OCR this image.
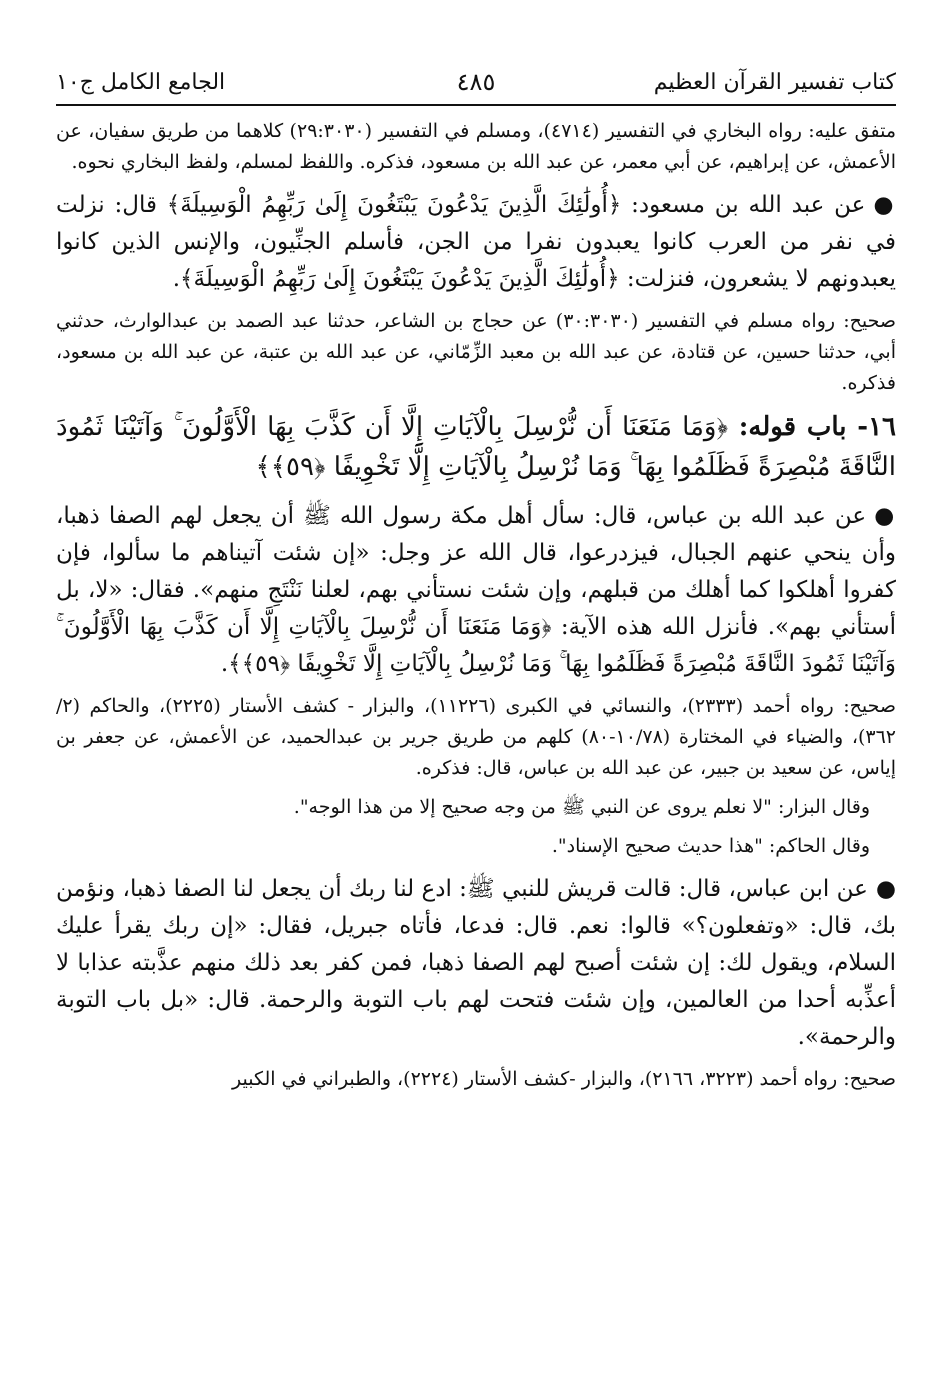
كتاب تفسير القرآن العظيم
٤٨٥
الجامع الكامل ج١٠

متفق عليه: رواه البخاري في التفسير (٤٧١٤)، ومسلم في التفسير (٢٩:٣٠٣٠) كلاهما من طريق سفيان، عن الأعمش، عن إبراهيم، عن أبي معمر، عن عبد الله بن مسعود، فذكره. واللفظ لمسلم، ولفظ البخاري نحوه.

●عن عبد الله بن مسعود: ﴿أُولَٰئِكَ الَّذِينَ يَدْعُونَ يَبْتَغُونَ إِلَىٰ رَبِّهِمُ الْوَسِيلَةَ﴾ قال: نزلت في نفر من العرب كانوا يعبدون نفرا من الجن، فأسلم الجنِّيون، والإنس الذين كانوا يعبدونهم لا يشعرون، فنزلت: ﴿أُولَٰئِكَ الَّذِينَ يَدْعُونَ يَبْتَغُونَ إِلَىٰ رَبِّهِمُ الْوَسِيلَةَ﴾.

صحيح: رواه مسلم في التفسير (٣٠:٣٠٣٠) عن حجاج بن الشاعر، حدثنا عبد الصمد بن عبدالوارث، حدثني أبي، حدثنا حسين، عن قتادة، عن عبد الله بن معبد الزِّمّاني، عن عبد الله بن عتبة، عن عبد الله بن مسعود، فذكره.

١٦- باب قوله: ﴿وَمَا مَنَعَنَا أَن نُّرْسِلَ بِالْآيَاتِ إِلَّا أَن كَذَّبَ بِهَا الْأَوَّلُونَ ۚ وَآتَيْنَا ثَمُودَ النَّاقَةَ مُبْصِرَةً فَظَلَمُوا بِهَا ۚ وَمَا نُرْسِلُ بِالْآيَاتِ إِلَّا تَخْوِيفًا ﴿٥٩﴾﴾

●عن عبد الله بن عباس، قال: سأل أهل مكة رسول الله ﷺ أن يجعل لهم الصفا ذهبا، وأن ينحي عنهم الجبال، فيزدرعوا، قال الله عز وجل: «إن شئت آتيناهم ما سألوا، فإن كفروا أهلكوا كما أهلك من قبلهم، وإن شئت نستأني بهم، لعلنا نَنْتَجِ منهم». فقال: «لا، بل أستأني بهم». فأنزل الله هذه الآية: ﴿وَمَا مَنَعَنَا أَن نُّرْسِلَ بِالْآيَاتِ إِلَّا أَن كَذَّبَ بِهَا الْأَوَّلُونَ ۚ وَآتَيْنَا ثَمُودَ النَّاقَةَ مُبْصِرَةً فَظَلَمُوا بِهَا ۚ وَمَا نُرْسِلُ بِالْآيَاتِ إِلَّا تَخْوِيفًا ﴿٥٩﴾﴾.

صحيح: رواه أحمد (٢٣٣٣)، والنسائي في الكبرى (١١٢٢٦)، والبزار - كشف الأستار (٢٢٢٥)، والحاكم (٢/ ٣٦٢)، والضياء في المختارة (١٠/٧٨-٨٠) كلهم من طريق جرير بن عبدالحميد، عن الأعمش، عن جعفر بن إياس، عن سعيد بن جبير، عن عبد الله بن عباس، قال: فذكره.

وقال البزار: "لا نعلم يروى عن النبي ﷺ من وجه صحيح إلا من هذا الوجه".

وقال الحاكم: "هذا حديث صحيح الإسناد".

●عن ابن عباس، قال: قالت قريش للنبي ﷺ: ادع لنا ربك أن يجعل لنا الصفا ذهبا، ونؤمن بك، قال: «وتفعلون؟» قالوا: نعم. قال: فدعا، فأتاه جبريل، فقال: «إن ربك يقرأ عليك السلام، ويقول لك: إن شئت أصبح لهم الصفا ذهبا، فمن كفر بعد ذلك منهم عذَّبته عذابا لا أعذِّبه أحدا من العالمين، وإن شئت فتحت لهم باب التوبة والرحمة. قال: «بل باب التوبة والرحمة».

صحيح: رواه أحمد (٣٢٢٣، ٢١٦٦)، والبزار -كشف الأستار (٢٢٢٤)، والطبراني في الكبير
